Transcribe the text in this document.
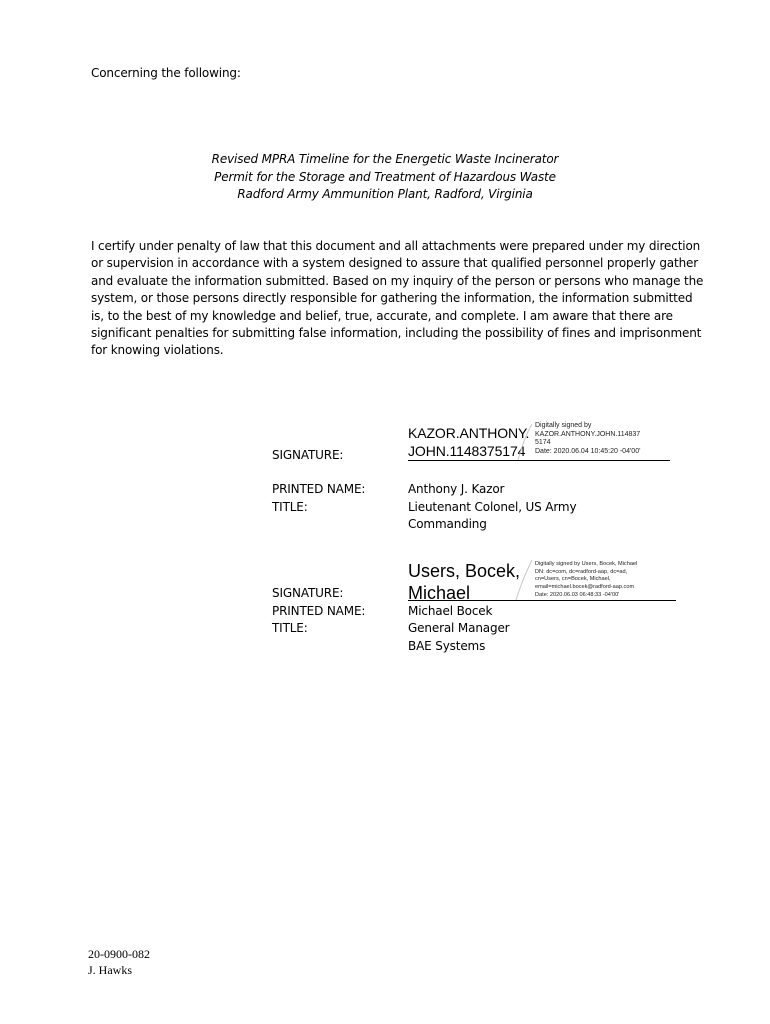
Concerning the following:
Revised MPRA Timeline for the Energetic Waste Incinerator
Permit for the Storage and Treatment of Hazardous Waste
Radford Army Ammunition Plant, Radford, Virginia
I certify under penalty of law that this document and all attachments were prepared under my direction
or supervision in accordance with a system designed to assure that qualified personnel properly gather
and evaluate the information submitted. Based on my inquiry of the person or persons who manage the
system, or those persons directly responsible for gathering the information, the information submitted
is, to the best of my knowledge and belief, true, accurate, and complete. I am aware that there are
significant penalties for submitting false information, including the possibility of fines and imprisonment
for knowing violations.
KAZOR.ANTHONY.
JOHN.1148375174
Digitally signed by
KAZOR.ANTHONY.JOHN.114837
5174
Date: 2020.06.04 10:45:20 -04'00'
SIGNATURE:
PRINTED NAME:
TITLE:
Anthony J. Kazor
Lieutenant Colonel, US Army
Commanding
Users, Bocek,
Michael
Digitally signed by Users, Bocek, Michael
DN: dc=com, dc=radford-aap, dc=ad,
cn=Users, cn=Bocek, Michael,
email=michael.bocek@radford-aap.com
Date: 2020.06.03 06:48:33 -04'00'
SIGNATURE:
PRINTED NAME:
TITLE:
Michael Bocek
General Manager
BAE Systems
20-0900-082
J. Hawks
